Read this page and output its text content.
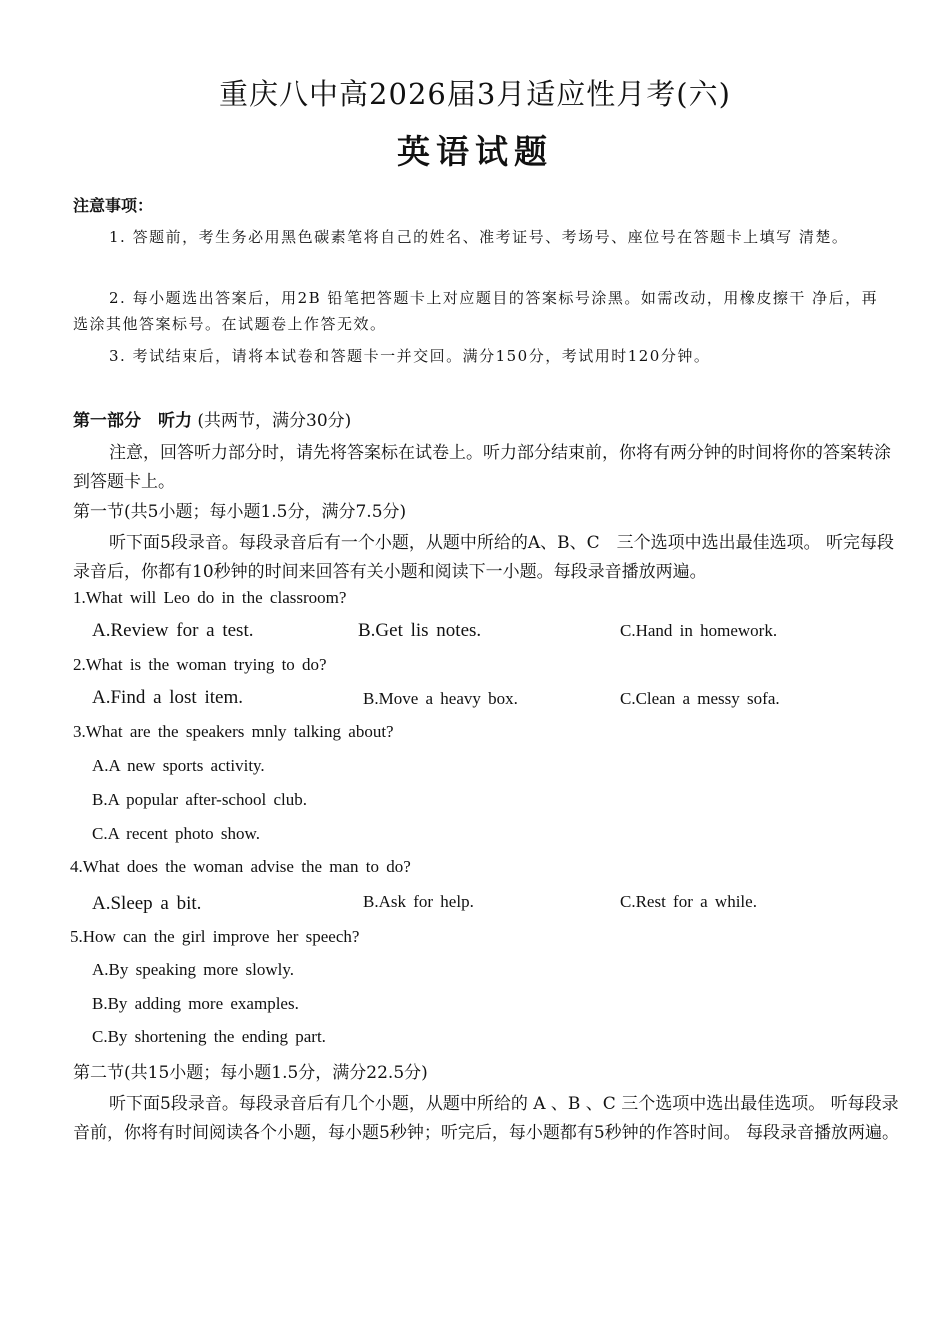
重庆八中高2026届3月适应性月考(六)
英语试题
注意事项：
1. 答题前，考生务必用黑色碳素笔将自己的姓名、准考证号、考场号、座位号在答题卡上填写 清楚。
2. 每小题选出答案后，用2B 铅笔把答题卡上对应题目的答案标号涂黑。如需改动，用橡皮擦干 净后，再选涂其他答案标号。在试题卷上作答无效。
3. 考试结束后，请将本试卷和答题卡一并交回。满分150分，考试用时120分钟。
第一部分　听力 (共两节，满分30分)
注意，回答听力部分时，请先将答案标在试卷上。听力部分结束前，你将有两分钟的时间将你的答案转涂到答题卡上。
第一节(共5小题；每小题1.5分，满分7.5分)
听下面5段录音。每段录音后有一个小题，从题中所给的A、B、C　三个选项中选出最佳选项。 听完每段录音后，你都有10秒钟的时间来回答有关小题和阅读下一小题。每段录音播放两遍。
1.What will Leo do in the classroom?
A.Review for a test.	B.Get lis notes.	C.Hand in homework.
2.What is the woman trying to do?
A.Find a lost item.	B.Move a heavy box.	C.Clean a messy sofa.
3.What are the speakers mnly talking about?
A.A new sports activity.
B.A popular after-school club.
C.A recent photo show.
4.What does the woman advise the man to do?
A.Sleep a bit.	B.Ask for help.	C.Rest for a while.
5.How can the girl improve her speech?
A.By speaking more slowly.
B.By adding more examples.
C.By shortening the ending part.
第二节(共15小题；每小题1.5分，满分22.5分)
听下面5段录音。每段录音后有几个小题，从题中所给的 A 、B 、C 三个选项中选出最佳选项。 听每段录音前，你将有时间阅读各个小题，每小题5秒钟；听完后，每小题都有5秒钟的作答时间。 每段录音播放两遍。
